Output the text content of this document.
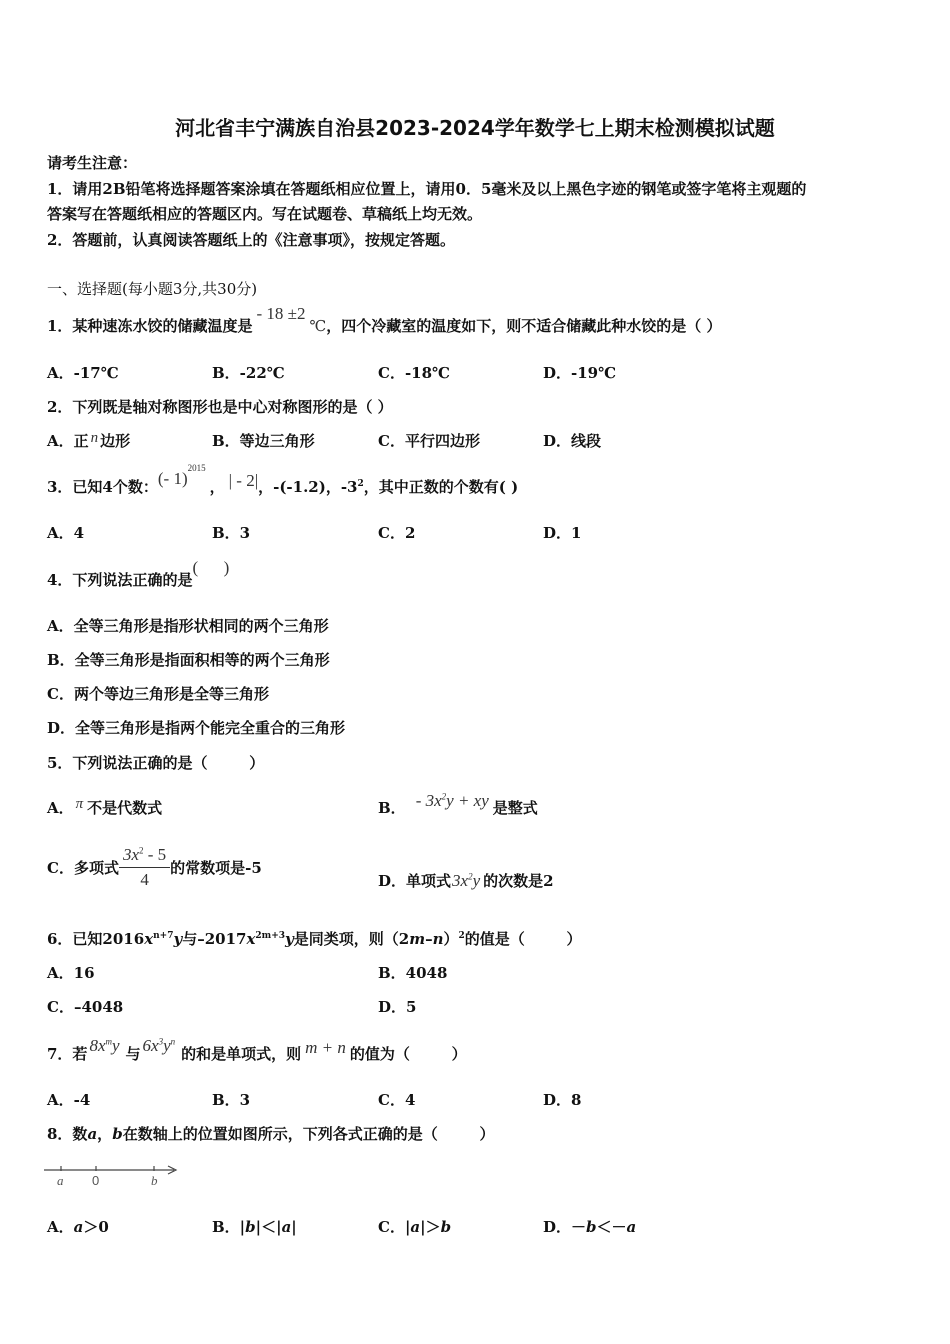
河北省丰宁满族自治县2023-2024学年数学七上期末检测模拟试题
请考生注意：
1．请用2B铅笔将选择题答案涂填在答题纸相应位置上，请用0．5毫米及以上黑色字迹的钢笔或签字笔将主观题的
答案写在答题纸相应的答题区内。写在试题卷、草稿纸上均无效。
2．答题前，认真阅读答题纸上的《注意事项》，按规定答题。
一、选择题(每小题3分,共30分)
1．某种速冻水饺的储藏温度是- 18 ±2℃，四个冷藏室的温度如下，则不适合储藏此种水饺的是（ ）
A．-17℃	B．-22℃	C．-18℃	D．-19℃
2．下列既是轴对称图形也是中心对称图形的是（ ）
A．正 n 边形	B．等边三角形	C．平行四边形	D．线段
3．已知4个数：(- 1)$^{2015}$， | - 2|，-(-1.2)，$-3^2$，其中正数的个数有( )
A．4	B．3	C．2	D．1
4．下列说法正确的是(      )
A．全等三角形是指形状相同的两个三角形
B．全等三角形是指面积相等的两个三角形
C．两个等边三角形是全等三角形
D．全等三角形是指两个能完全重合的三角形
5．下列说法正确的是（        ）
A． π 不是代数式	B． - $3x^2y$ + xy 是整式
C．多项式 $\frac{3x^2 - 5}{4}$ 的常数项是-5
D．单项式$3x^2y$ 的次数是2
6．已知$2016x^{n+7}y$与$-2017x^{2m+3}y$是同类项，则$(2m-n)^2$的值是（        ）
A．16	B．4048
C．–4048	D．5
7．若 $8x^my$ 与 $6x^3y^n$的和是单项式，则 m + n 的值为（        ）
A．-4	B．3	C．4	D．8
8．数a，b在数轴上的位置如图所示，下列各式正确的是（        ）
a 0	b
A．a＞0	B．|b|＜|a|	C．|a|＞b	D．－b＜－a
